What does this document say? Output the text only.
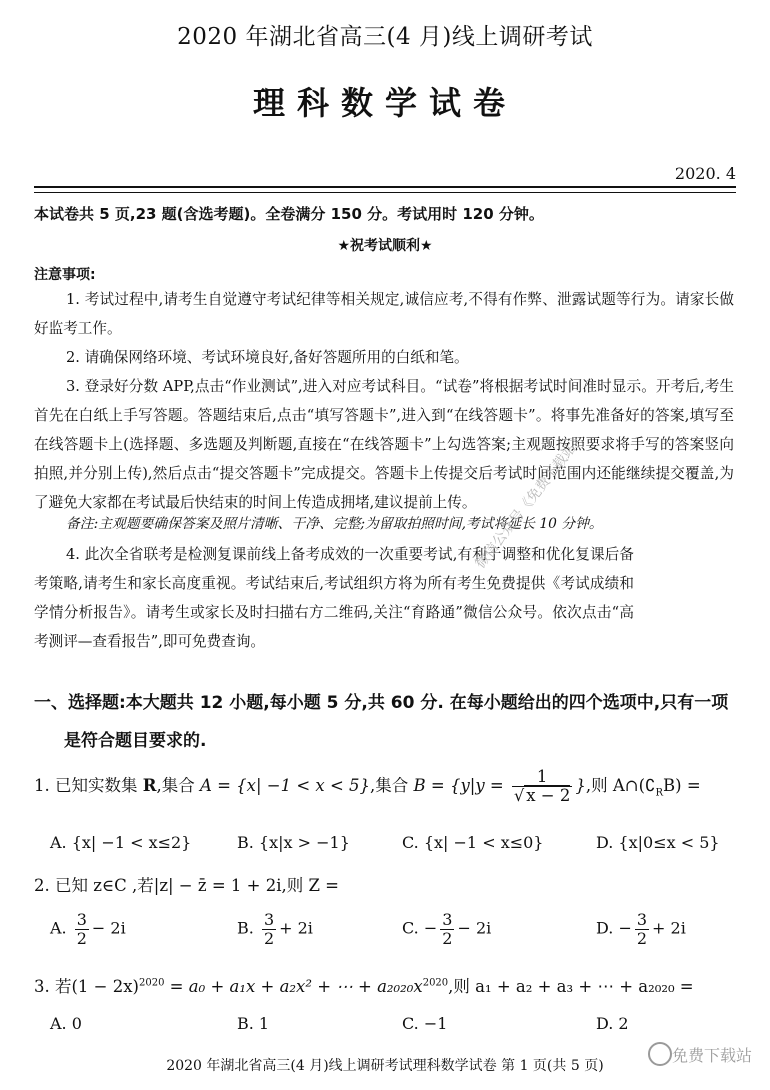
2020 年湖北省高三(4 月)线上调研考试
理科数学试卷
2020. 4
本试卷共 5 页,23 题(含选考题)。全卷满分 150 分。考试用时 120 分钟。
★祝考试顺利★
注意事项:
1. 考试过程中,请考生自觉遵守考试纪律等相关规定,诚信应考,不得有作弊、泄露试题等行为。请家长做好监考工作。
2. 请确保网络环境、考试环境良好,备好答题所用的白纸和笔。
3. 登录好分数 APP,点击“作业测试”,进入对应考试科目。“试卷”将根据考试时间准时显示。开考后,考生首先在白纸上手写答题。答题结束后,点击“填写答题卡”,进入到“在线答题卡”。将事先准备好的答案,填写至在线答题卡上(选择题、多选题及判断题,直接在“在线答题卡”上勾选答案;主观题按照要求将手写的答案竖向拍照,并分别上传),然后点击“提交答题卡”完成提交。答题卡上传提交后考试时间范围内还能继续提交覆盖,为了避免大家都在考试最后快结束的时间上传造成拥堵,建议提前上传。
备注:主观题要确保答案及照片清晰、干净、完整;为留取拍照时间,考试将延长 10 分钟。
4. 此次全省联考是检测复课前线上备考成效的一次重要考试,有利于调整和优化复课后备考策略,请考生和家长高度重视。考试结束后,考试组织方将为所有考生免费提供《考试成绩和学情分析报告》。请考生或家长及时扫描右方二维码,关注“育路通”微信公众号。依次点击“高考测评—查看报告”,即可免费查询。
微信公众号《免费下载站》
一、选择题:本大题共 12 小题,每小题 5 分,共 60 分. 在每小题给出的四个选项中,只有一项
是符合题目要求的.
1. 已知实数集 R,集合 A = {x| −1 < x < 5},集合 $B = \{y|y = \frac{1}{√ x - 2}$ },则 $A\cap(∁_RB)$ =
A. {x| −1 < x≤2}	B. {x|x > −1}	C. {x| −1 < x≤0}	D. {x|0≤x < 5}
2. 已知 z∈C ,若|z| − z̄ = 1 + 2i,则 Z =
A. $\frac{3}{2} - 2i$	B. $\frac{3}{2} + 2i$	C. − $\frac{3}{2} - 2i$	D. − $\frac{3}{2} + 2i$
3. 若$(1 - 2x)^{2020} = a_0 + a_1x + a_2x^2$ + ⋯ + $a_{2020}x^{2020}$,则 a₁ + a₂ + a₃ + ⋯ + a₂₀₂₀ =
A. 0	B. 1	C. −1	D. 2
2020 年湖北省高三(4 月)线上调研考试理科数学试卷 第 1 页(共 5 页)
免费下载站
